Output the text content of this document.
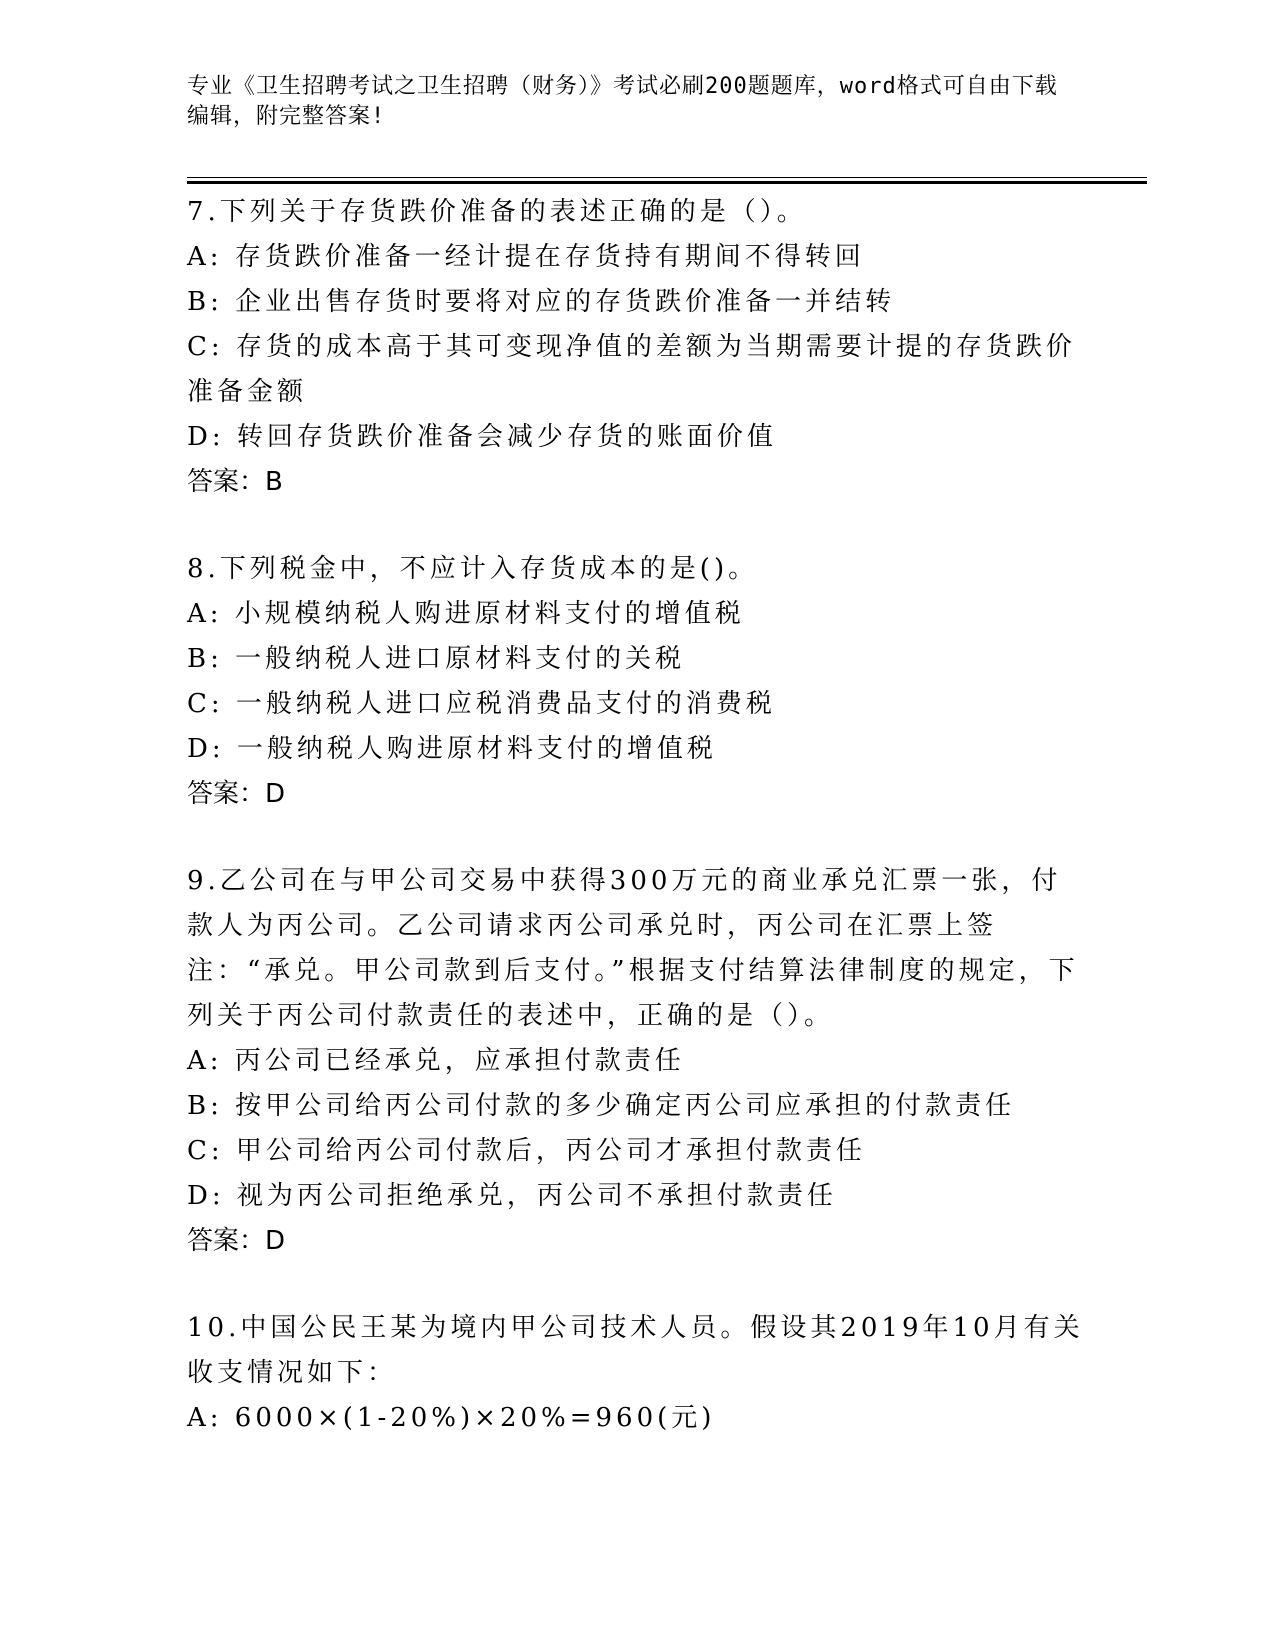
专业《卫生招聘考试之卫生招聘（财务）》考试必刷200题题库，word格式可自由下载编辑，附完整答案!
7.下列关于存货跌价准备的表述正确的是（）。
A: 存货跌价准备一经计提在存货持有期间不得转回
B: 企业出售存货时要将对应的存货跌价准备一并结转
C: 存货的成本高于其可变现净值的差额为当期需要计提的存货跌价准备金额
D: 转回存货跌价准备会减少存货的账面价值
答案：B
8.下列税金中，不应计入存货成本的是()。
A: 小规模纳税人购进原材料支付的增值税
B: 一般纳税人进口原材料支付的关税
C: 一般纳税人进口应税消费品支付的消费税
D: 一般纳税人购进原材料支付的增值税
答案：D
9.乙公司在与甲公司交易中获得300万元的商业承兑汇票一张，付款人为丙公司。乙公司请求丙公司承兑时，丙公司在汇票上签注：“承兑。甲公司款到后支付。”根据支付结算法律制度的规定，下列关于丙公司付款责任的表述中，正确的是（）。
A: 丙公司已经承兑，应承担付款责任
B: 按甲公司给丙公司付款的多少确定丙公司应承担的付款责任
C: 甲公司给丙公司付款后，丙公司才承担付款责任
D: 视为丙公司拒绝承兑，丙公司不承担付款责任
答案：D
10.中国公民王某为境内甲公司技术人员。假设其2019年10月有关收支情况如下：
A: 6000×(1-20%)×20%=960(元)
